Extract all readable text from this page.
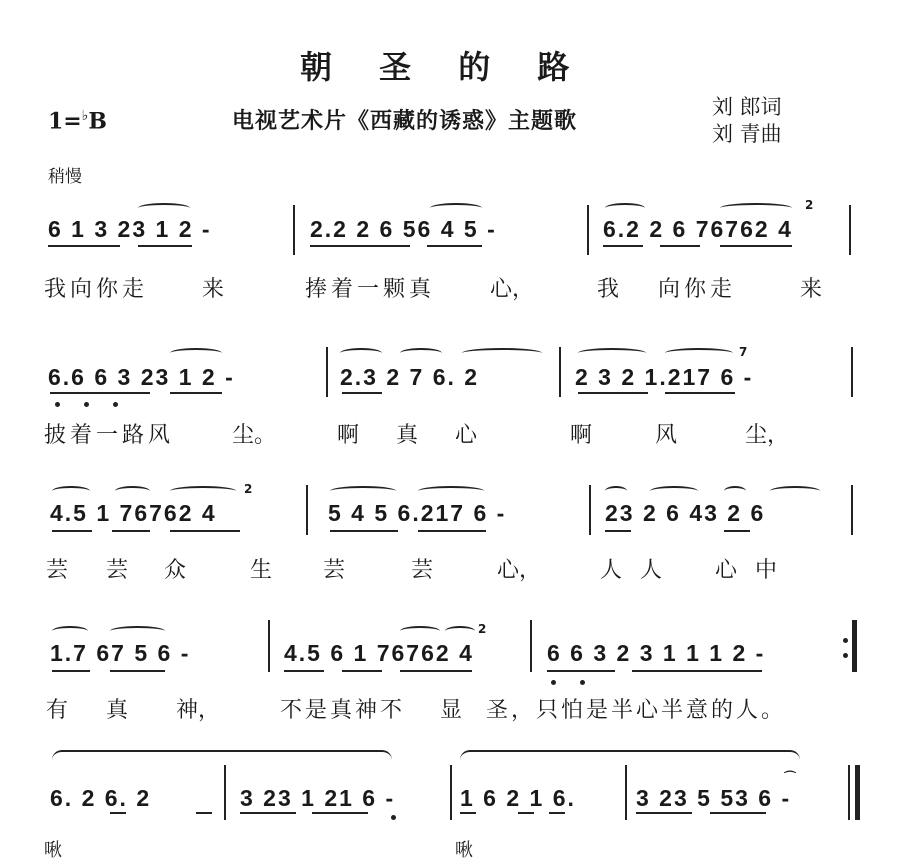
朝 圣 的 路
1=♭B	电视艺术片《西藏的诱惑》主题歌
刘 郎词
刘 青曲
稍慢
6 1 3 23 1 2 -	2.2 2 6 56 4 5 -	6.2 2 6 76762 4
2
我向你走 来	捧着一颗真 心，	我 向你走	来
6.6 6 3 23 1 2 -	2.3 2 7 6. 2	2 3 2 1.217 6 -
7
披着一路风	尘。	啊 真 心	啊	风	尘，
4.5 1 76762 4
2
5 4 5 6.217 6 -	23 2 6 43 2 6
芸 芸 众	生 芸	芸	心，	人人 心中
1.7 67 5 6 -	4.5 6 1 76762 4
2
6 6 3 2 3 1 1 1 2 -
有 真 神，	不是真神不 显 圣，只怕是半心半意的人。
6. 2 6. 2	3 23 1 21 6 -	1 6 2 1 6.	3 23 5 53 6 -
⌒
啾	啾
